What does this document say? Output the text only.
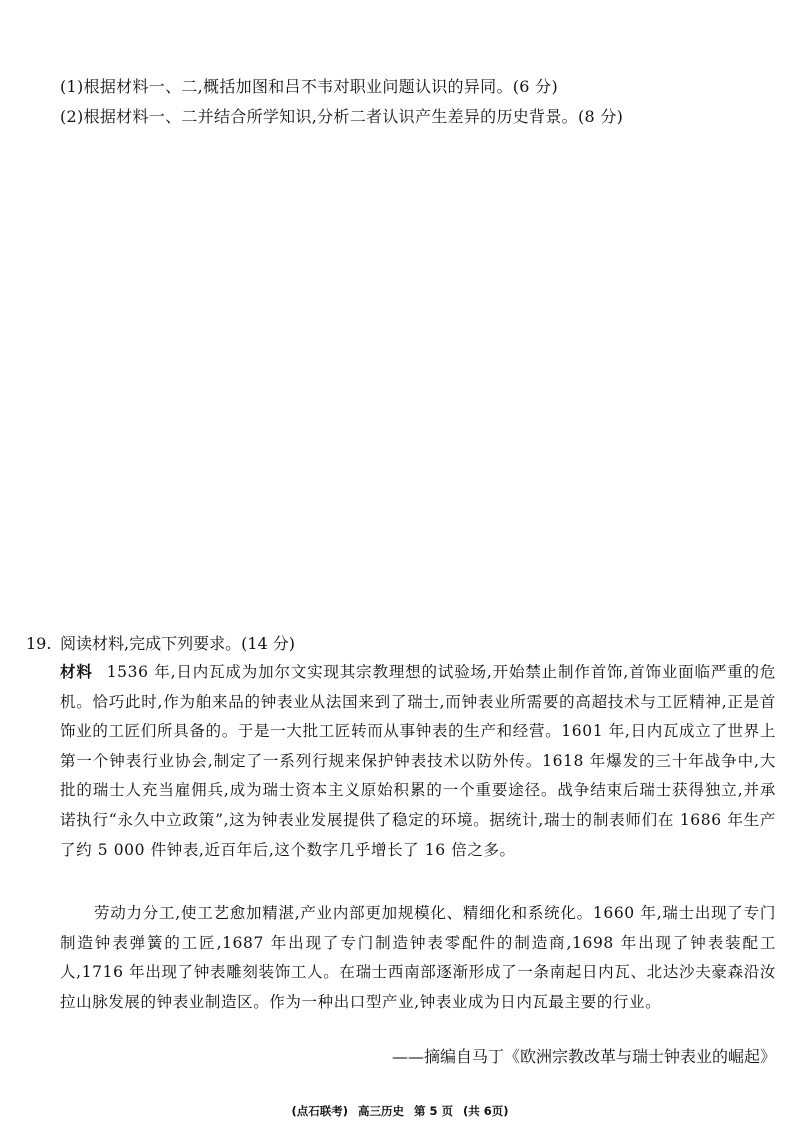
(1)根据材料一、二,概括加图和吕不韦对职业问题认识的异同。(6 分)
(2)根据材料一、二并结合所学知识,分析二者认识产生差异的历史背景。(8 分)
19. 阅读材料,完成下列要求。(14 分)
材料 1536 年,日内瓦成为加尔文实现其宗教理想的试验场,开始禁止制作首饰,首饰业面临严重的危机。恰巧此时,作为舶来品的钟表业从法国来到了瑞士,而钟表业所需要的高超技术与工匠精神,正是首饰业的工匠们所具备的。于是一大批工匠转而从事钟表的生产和经营。1601 年,日内瓦成立了世界上第一个钟表行业协会,制定了一系列行规来保护钟表技术以防外传。1618 年爆发的三十年战争中,大批的瑞士人充当雇佣兵,成为瑞士资本主义原始积累的一个重要途径。战争结束后瑞士获得独立,并承诺执行“永久中立政策”,这为钟表业发展提供了稳定的环境。据统计,瑞士的制表师们在 1686 年生产了约 5 000 件钟表,近百年后,这个数字几乎增长了 16 倍之多。
劳动力分工,使工艺愈加精湛,产业内部更加规模化、精细化和系统化。1660 年,瑞士出现了专门制造钟表弹簧的工匠,1687 年出现了专门制造钟表零配件的制造商,1698 年出现了钟表装配工人,1716 年出现了钟表雕刻装饰工人。在瑞士西南部逐渐形成了一条南起日内瓦、北达沙夫豪森沿汝拉山脉发展的钟表业制造区。作为一种出口型产业,钟表业成为日内瓦最主要的行业。
——摘编自马丁《欧洲宗教改革与瑞士钟表业的崛起》
(点石联考) 高三历史 第 5 页 (共 6页)
